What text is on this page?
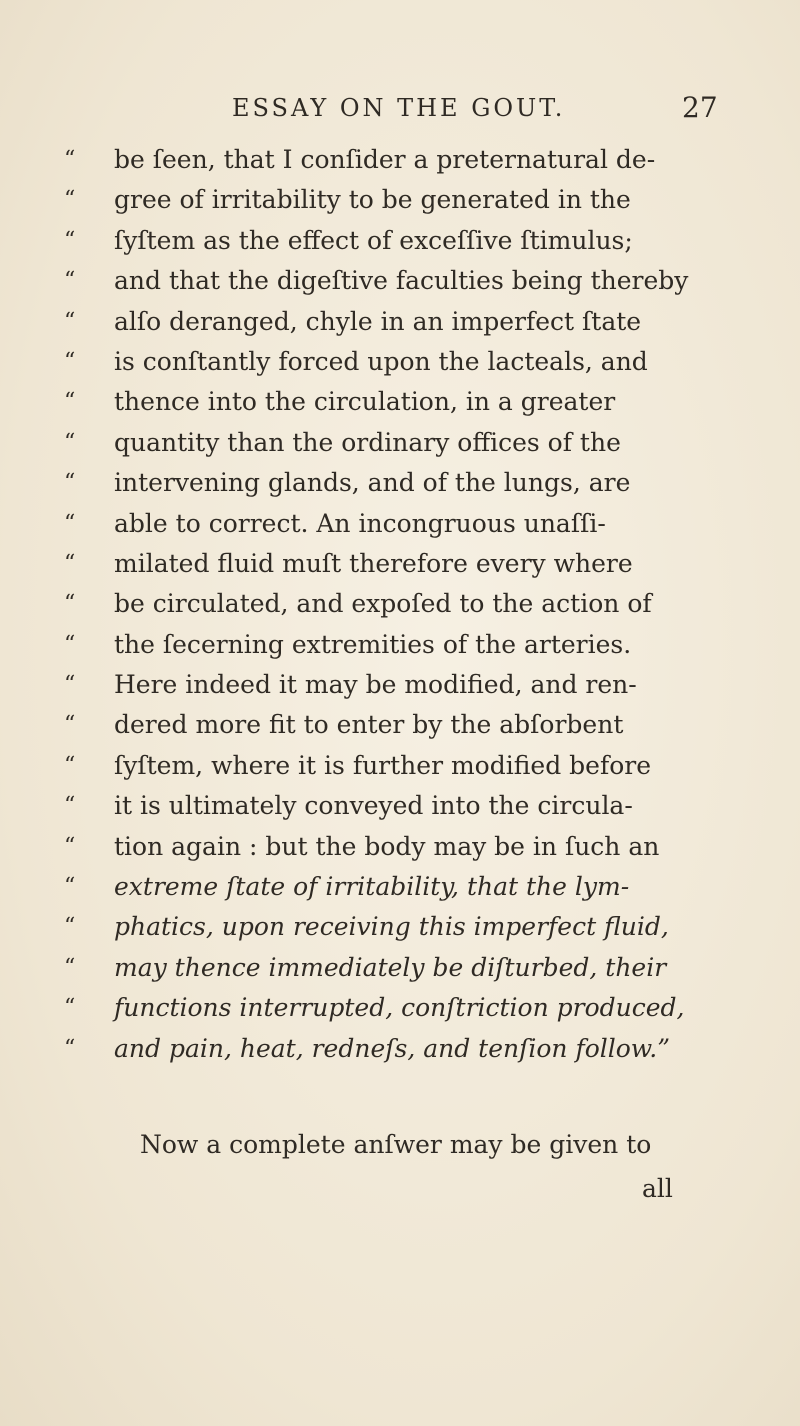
ESSAY ON THE GOUT.	27
“	be ſeen, that I conſider a preternatural de-
“	gree of irritability to be generated in the
“	ſyſtem as the effect of exceſſive ſtimulus;
“	and that the digeſtive faculties being thereby
“	alſo deranged, chyle in an imperfect ſtate
“	is conſtantly forced upon the lacteals, and
“	thence into the circulation, in a greater
“	quantity than the ordinary offices of the
“	intervening glands, and of the lungs, are
“	able to correct. An incongruous unaſſi-
“	milated fluid muſt therefore every where
“	be circulated, and expoſed to the action of
“	the ſecerning extremities of the arteries.
“	Here indeed it may be modified, and ren-
“	dered more fit to enter by the abſorbent
“	ſyſtem, where it is further modified before
“	it is ultimately conveyed into the circula-
“	tion again : but the body may be in ſuch an
“	extreme ſtate of irritability, that the lym-
“	phatics, upon receiving this imperfect fluid,
“	may thence immediately be diſturbed, their
“	functions interrupted, conſtriction produced,
“	and pain, heat, redneſs, and tenſion follow.”
Now a complete anſwer may be given to
all
